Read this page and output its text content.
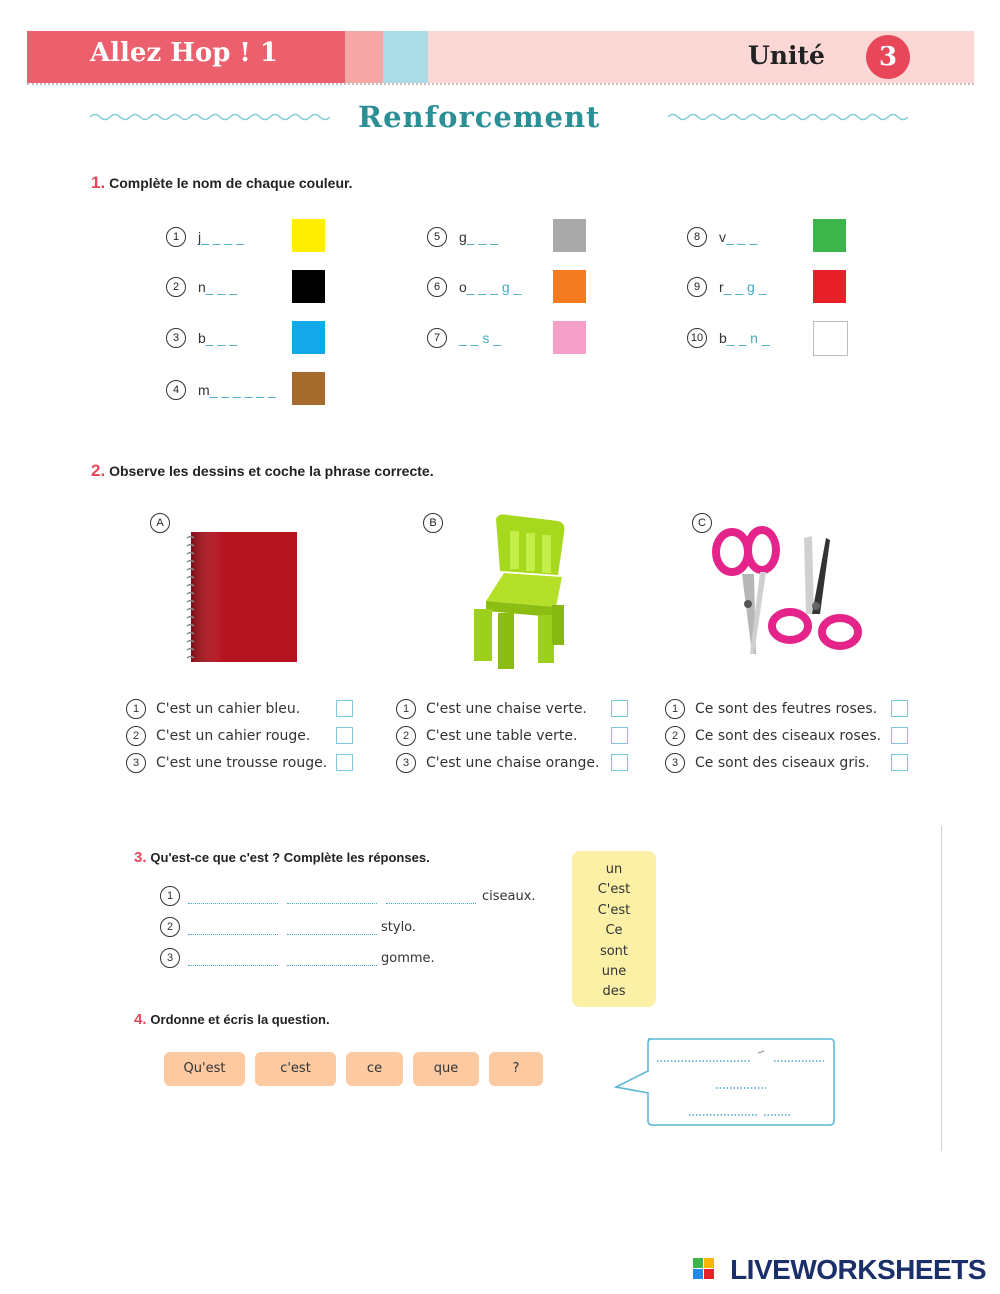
Allez Hop ! 1	Unité	3
Renforcement
1. Complète le nom de chaque couleur.
1	j_ _ _ _
2	n_ _ _
3	b_ _ _
4	m_ _ _ _ _ _
5	g_ _ _
6	o_ _ _ g _
7	_ _ s _
8	v_ _ _
9	r_ _ g _
10 b_ _ n _
2. Observe les dessins et coche la phrase correcte.
A	B	C
1	C'est un cahier bleu.
2	C'est un cahier rouge.
3	C'est une trousse rouge.
1	C'est une chaise verte.
2	C'est une table verte.
3	C'est une chaise orange.
1	Ce sont des feutres roses.
2	Ce sont des ciseaux roses.
3	Ce sont des ciseaux gris.
3. Qu'est-ce que c'est ? Complète les réponses.
1	ciseaux.
2	stylo.
3	gomme.
un
C'est
C'est
Ce
sont
une
des
4. Ordonne et écris la question.
Qu'est	c'est	ce	que	?
LIVEWORKSHEETS
